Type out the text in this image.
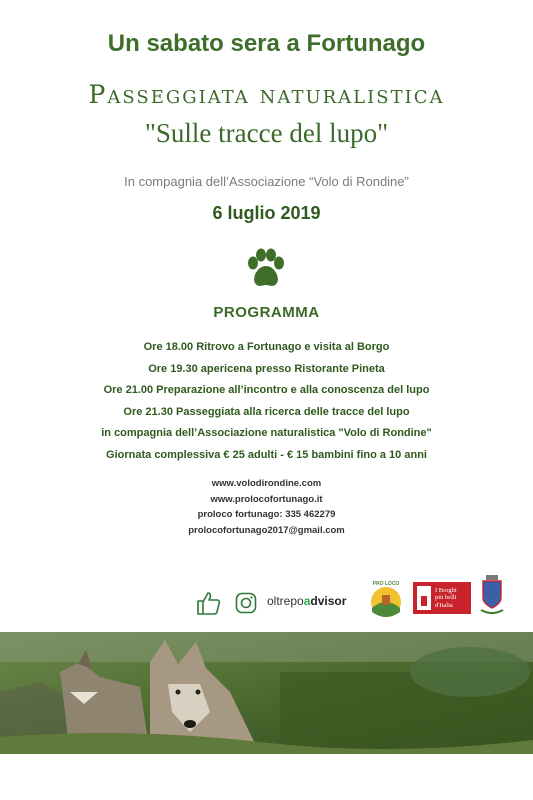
Un sabato sera a Fortunago
Passeggiata naturalistica
"Sulle tracce del lupo"
In compagnia dell’Associazione “Volo di Rondine”
6 luglio 2019
PROGRAMMA
Ore 18.00 Ritrovo a Fortunago e visita al Borgo
Ore 19.30 apericena presso Ristorante Pineta
Ore 21.00 Preparazione all’incontro e alla conoscenza del lupo
Ore 21.30 Passeggiata alla ricerca delle tracce del lupo
in compagnia dell’Associazione naturalistica "Volo di Rondine"
Giornata complessiva € 25 adulti - € 15 bambini fino a 10 anni
www.volodirondine.com
www.prolocofortunago.it
proloco fortunago: 335 462279
prolocofortunago2017@gmail.com
oltrepoadvisor
PRO LOCO
I Borghi
più belli
d'Italia
